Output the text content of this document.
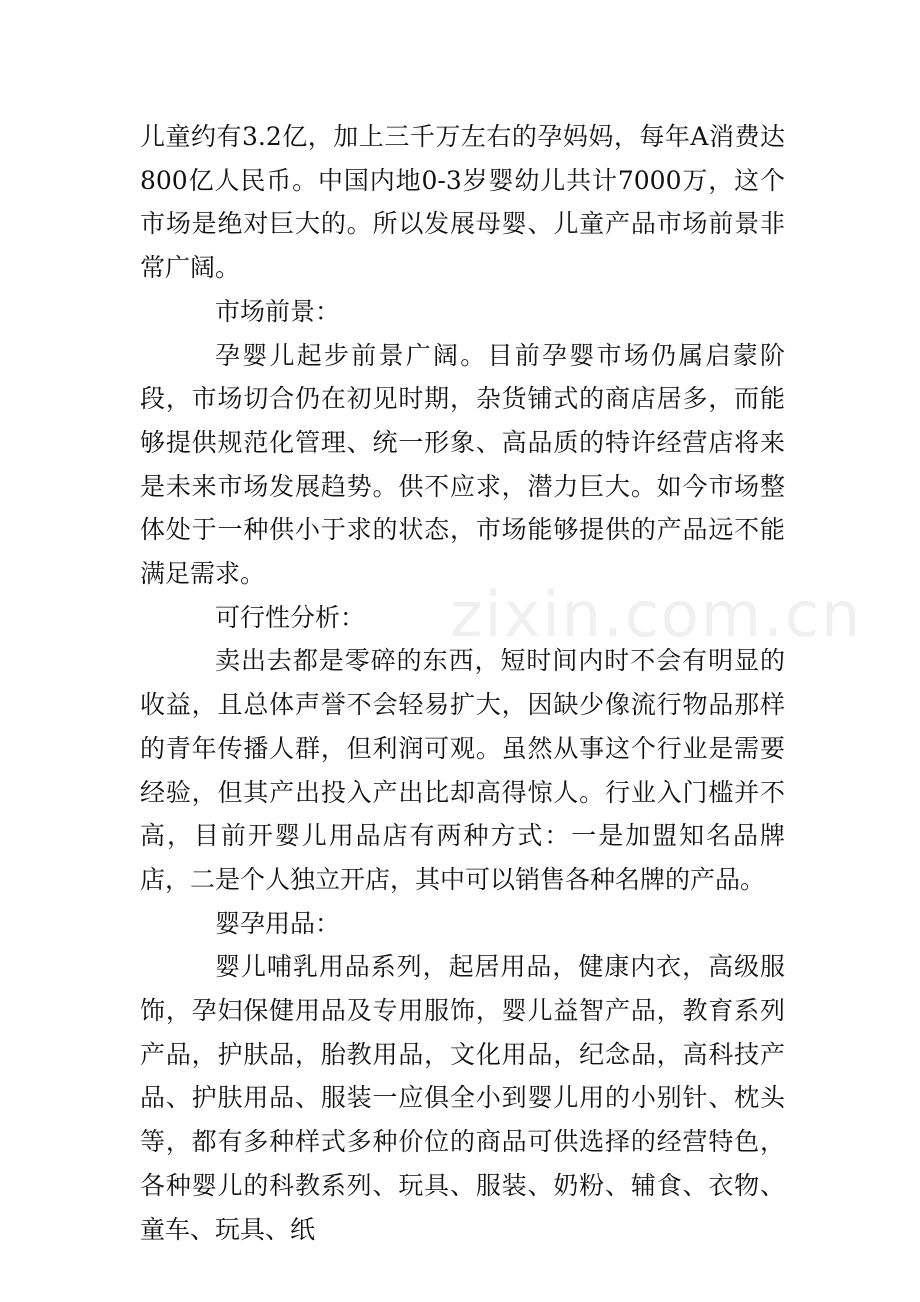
zixin.com.cn

儿童约有3.2亿，加上三千万左右的孕妈妈，每年A消费达800亿人民币。中国内地0-3岁婴幼儿共计7000万，这个市场是绝对巨大的。所以发展母婴、儿童产品市场前景非常广阔。

市场前景：

孕婴儿起步前景广阔。目前孕婴市场仍属启蒙阶段，市场切合仍在初见时期，杂货铺式的商店居多，而能够提供规范化管理、统一形象、高品质的特许经营店将来是未来市场发展趋势。供不应求，潜力巨大。如今市场整体处于一种供小于求的状态，市场能够提供的产品远不能满足需求。

可行性分析：

卖出去都是零碎的东西，短时间内时不会有明显的收益，且总体声誉不会轻易扩大，因缺少像流行物品那样的青年传播人群，但利润可观。虽然从事这个行业是需要经验，但其产出投入产出比却高得惊人。行业入门槛并不高，目前开婴儿用品店有两种方式：一是加盟知名品牌店，二是个人独立开店，其中可以销售各种名牌的产品。

婴孕用品：

婴儿哺乳用品系列，起居用品，健康内衣，高级服饰，孕妇保健用品及专用服饰，婴儿益智产品，教育系列产品，护肤品，胎教用品，文化用品，纪念品，高科技产品、护肤用品、服装一应俱全小到婴儿用的小别针、枕头等，都有多种样式多种价位的商品可供选择的经营特色，各种婴儿的科教系列、玩具、服装、奶粉、辅食、衣物、童车、玩具、纸
